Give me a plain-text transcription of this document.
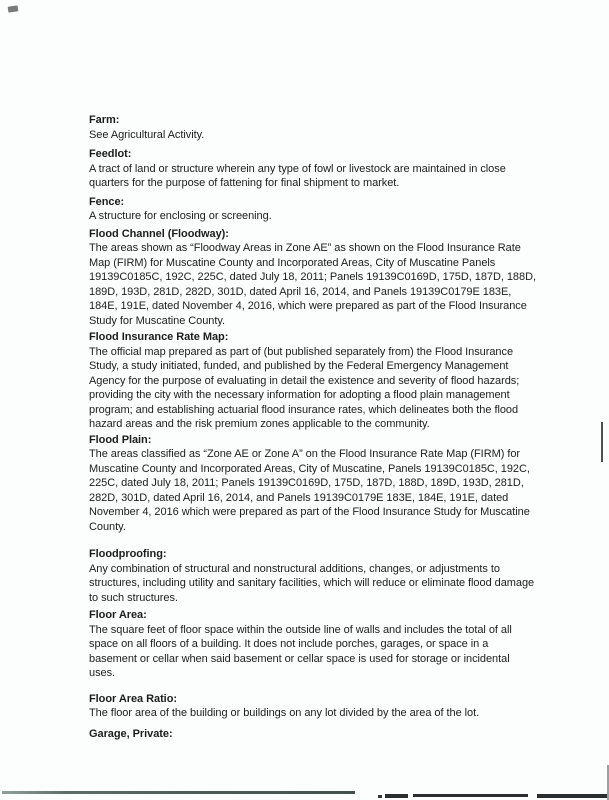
Farm:
See Agricultural Activity.
Feedlot:
A tract of land or structure wherein any type of fowl or livestock are maintained in close quarters for the purpose of fattening for final shipment to market.
Fence:
A structure for enclosing or screening.
Flood Channel (Floodway):
The areas shown as “Floodway Areas in Zone AE” as shown on the Flood Insurance Rate Map (FIRM) for Muscatine County and Incorporated Areas, City of Muscatine Panels 19139C0185C, 192C, 225C, dated July 18, 2011; Panels 19139C0169D, 175D, 187D, 188D, 189D, 193D, 281D, 282D, 301D, dated April 16, 2014, and Panels 19139C0179E 183E, 184E, 191E, dated November 4, 2016, which were prepared as part of the Flood Insurance Study for Muscatine County.
Flood Insurance Rate Map:
The official map prepared as part of (but published separately from) the Flood Insurance Study, a study initiated, funded, and published by the Federal Emergency Management Agency for the purpose of evaluating in detail the existence and severity of flood hazards; providing the city with the necessary information for adopting a flood plain management program; and establishing actuarial flood insurance rates, which delineates both the flood hazard areas and the risk premium zones applicable to the community.
Flood Plain:
The areas classified as “Zone AE or Zone A” on the Flood Insurance Rate Map (FIRM) for Muscatine County and Incorporated Areas, City of Muscatine, Panels 19139C0185C, 192C, 225C, dated July 18, 2011; Panels 19139C0169D, 175D, 187D, 188D, 189D, 193D, 281D, 282D, 301D, dated April 16, 2014, and Panels 19139C0179E 183E, 184E, 191E, dated November 4, 2016 which were prepared as part of the Flood Insurance Study for Muscatine County.
Floodproofing:
Any combination of structural and nonstructural additions, changes, or adjustments to structures, including utility and sanitary facilities, which will reduce or eliminate flood damage to such structures.
Floor Area:
The square feet of floor space within the outside line of walls and includes the total of all space on all floors of a building. It does not include porches, garages, or space in a basement or cellar when said basement or cellar space is used for storage or incidental uses.
Floor Area Ratio:
The floor area of the building or buildings on any lot divided by the area of the lot.
Garage, Private:
